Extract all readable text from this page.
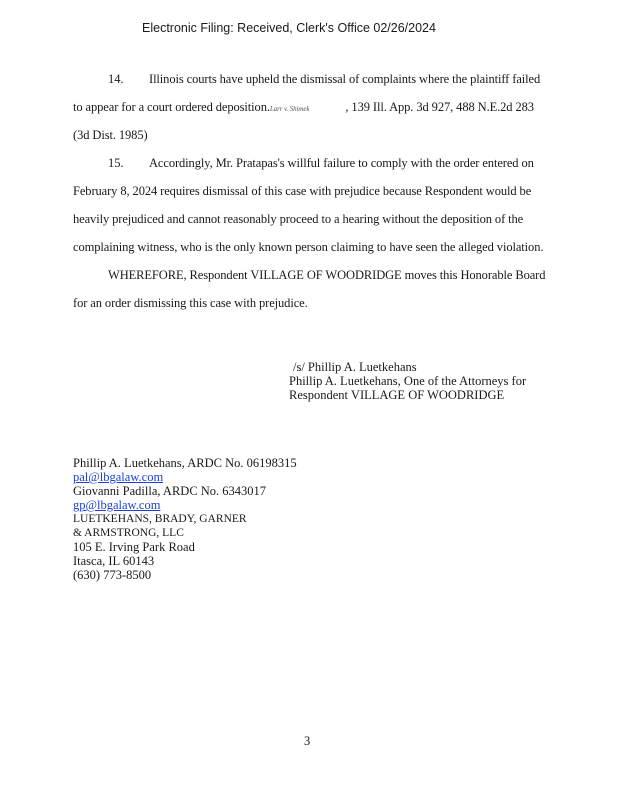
Electronic Filing: Received, Clerk's Office 02/26/2024
14. Illinois courts have upheld the dismissal of complaints where the plaintiff failed
to appear for a court ordered deposition.Larr v. Shimek	, 139 Ill. App. 3d 927, 488 N.E.2d 283
(3d Dist. 1985)
15. Accordingly, Mr. Pratapas's willful failure to comply with the order entered on
February 8, 2024 requires dismissal of this case with prejudice because Respondent would be
heavily prejudiced and cannot reasonably proceed to a hearing without the deposition of the
complaining witness, who is the only known person claiming to have seen the alleged violation.
WHEREFORE, Respondent VILLAGE OF WOODRIDGE moves this Honorable Board
for an order dismissing this case with prejudice.
/s/ Phillip A. Luetkehans
Phillip A. Luetkehans, One of the Attorneys for
Respondent VILLAGE OF WOODRIDGE
Phillip A. Luetkehans, ARDC No. 06198315
pal@lbgalaw.com
Giovanni Padilla, ARDC No. 6343017
gp@lbgalaw.com
LUETKEHANS, BRADY, GARNER
& ARMSTRONG, LLC
105 E. Irving Park Road
Itasca, IL 60143
(630) 773-8500
3
